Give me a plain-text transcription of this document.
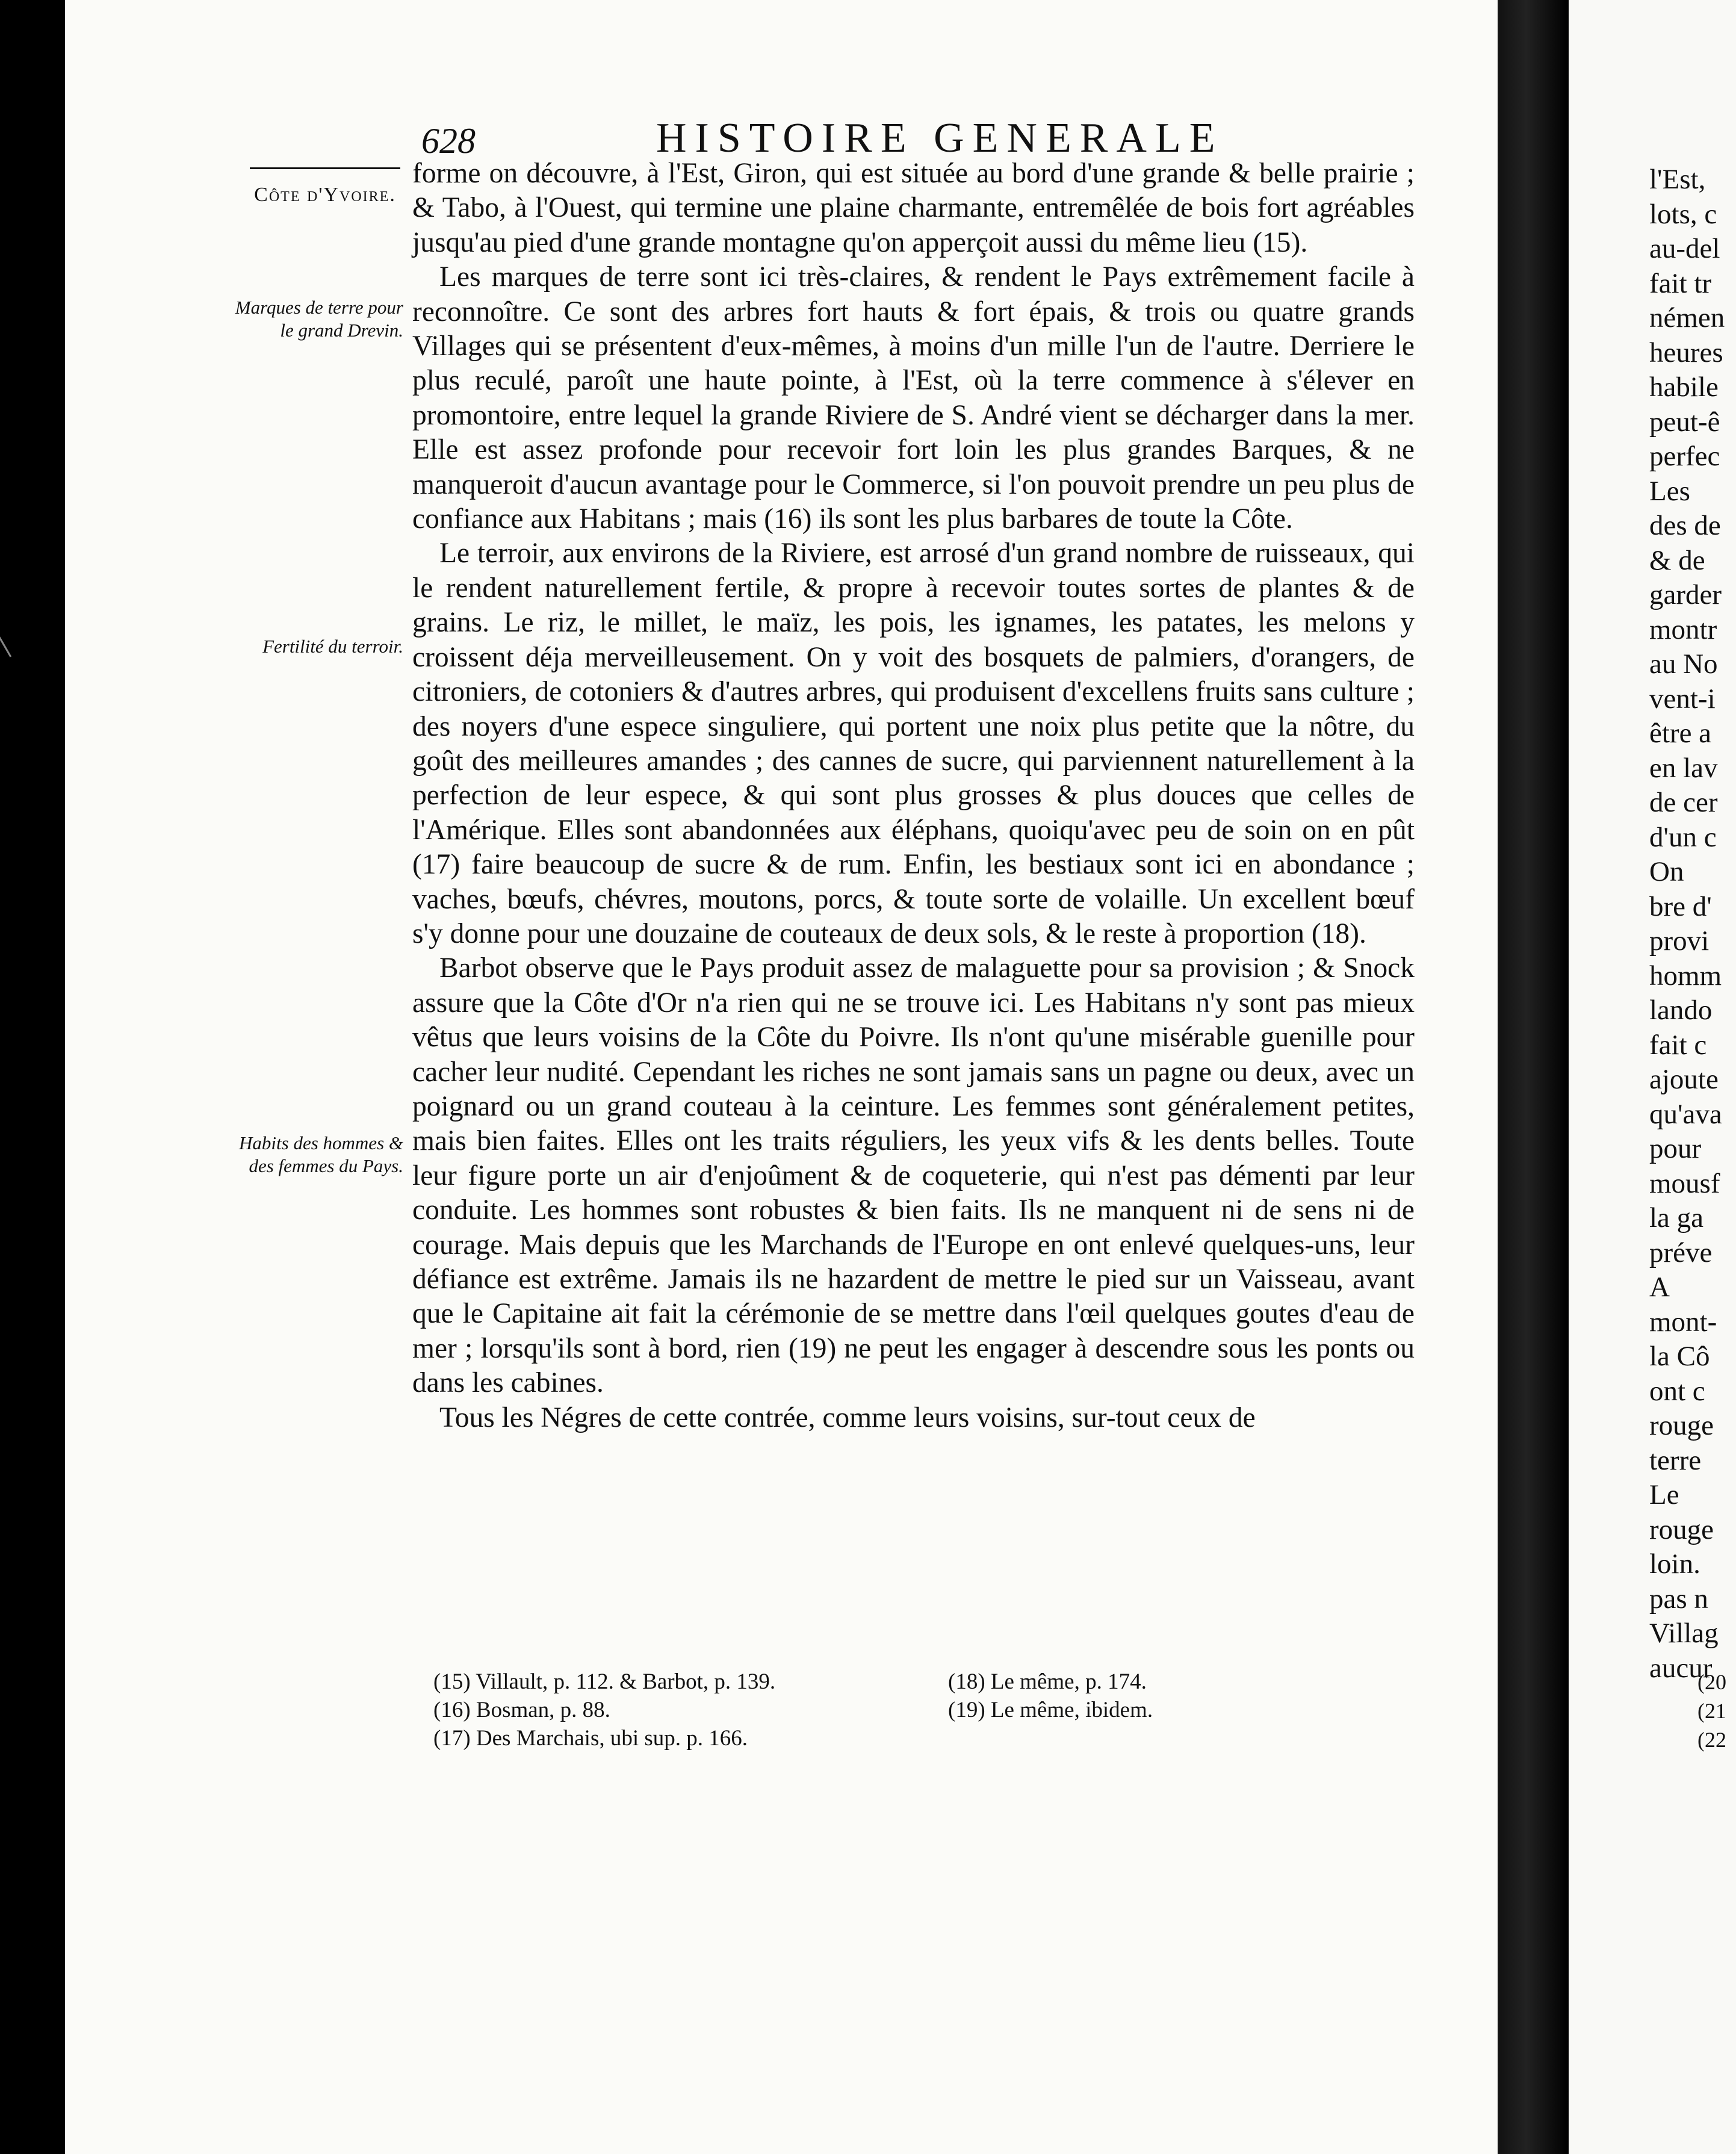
l'Est,
lots, c
au-del
fait tr
némen
heures
habile
peut-ê
perfec
Les
des de
& de
garder
montr
au No
vent-i
être a
en lav
de cer
d'un c
On
bre d'
provi
homm
lando
fait c
ajoute
qu'ava
pour
mousf
la ga
préve
A
mont-
la Cô
ont c
rouge
terre
Le
rouge
loin.
pas n
Villag
aucur
628	HISTOIRE GENERALE
Côte d'Yvoire.
Marques de terre pour le grand Drevin.
Fertilité du terroir.
Habits des hommes & des femmes du Pays.

forme on découvre, à l'Est, Giron, qui est située au bord d'une grande & belle prairie ; & Tabo, à l'Ouest, qui termine une plaine charmante, entremêlée de bois fort agréables jusqu'au pied d'une grande montagne qu'on apperçoit aussi du même lieu (15).

Les marques de terre sont ici très-claires, & rendent le Pays extrêmement facile à reconnoître. Ce sont des arbres fort hauts & fort épais, & trois ou quatre grands Villages qui se présentent d'eux-mêmes, à moins d'un mille l'un de l'autre. Derriere le plus reculé, paroît une haute pointe, à l'Est, où la terre commence à s'élever en promontoire, entre lequel la grande Riviere de S. André vient se décharger dans la mer. Elle est assez profonde pour recevoir fort loin les plus grandes Barques, & ne manqueroit d'aucun avantage pour le Commerce, si l'on pouvoit prendre un peu plus de confiance aux Habitans ; mais (16) ils sont les plus barbares de toute la Côte.

Le terroir, aux environs de la Riviere, est arrosé d'un grand nombre de ruisseaux, qui le rendent naturellement fertile, & propre à recevoir toutes sortes de plantes & de grains. Le riz, le millet, le maïz, les pois, les ignames, les patates, les melons y croissent déja merveilleusement. On y voit des bosquets de palmiers, d'orangers, de citroniers, de cotoniers & d'autres arbres, qui produisent d'excellens fruits sans culture ; des noyers d'une espece singuliere, qui portent une noix plus petite que la nôtre, du goût des meilleures amandes ; des cannes de sucre, qui parviennent naturellement à la perfection de leur espece, & qui sont plus grosses & plus douces que celles de l'Amérique. Elles sont abandonnées aux éléphans, quoiqu'avec peu de soin on en pût (17) faire beaucoup de sucre & de rum. Enfin, les bestiaux sont ici en abondance ; vaches, bœufs, chévres, moutons, porcs, & toute sorte de volaille. Un excellent bœuf s'y donne pour une douzaine de couteaux de deux sols, & le reste à proportion (18).

Barbot observe que le Pays produit assez de malaguette pour sa provision ; & Snock assure que la Côte d'Or n'a rien qui ne se trouve ici. Les Habitans n'y sont pas mieux vêtus que leurs voisins de la Côte du Poivre. Ils n'ont qu'une misérable guenille pour cacher leur nudité. Cependant les riches ne sont jamais sans un pagne ou deux, avec un poignard ou un grand couteau à la ceinture. Les femmes sont généralement petites, mais bien faites. Elles ont les traits réguliers, les yeux vifs & les dents belles. Toute leur figure porte un air d'enjoûment & de coqueterie, qui n'est pas démenti par leur conduite. Les hommes sont robustes & bien faits. Ils ne manquent ni de sens ni de courage. Mais depuis que les Marchands de l'Europe en ont enlevé quelques-uns, leur défiance est extrême. Jamais ils ne hazardent de mettre le pied sur un Vaisseau, avant que le Capitaine ait fait la cérémonie de se mettre dans l'œil quelques goutes d'eau de mer ; lorsqu'ils sont à bord, rien (19) ne peut les engager à descendre sous les ponts ou dans les cabines.

Tous les Négres de cette contrée, comme leurs voisins, sur-tout ceux de

(15) Villault, p. 112. & Barbot, p. 139.
(16) Bosman, p. 88.
(17) Des Marchais, ubi sup. p. 166.
(18) Le même, p. 174.
(19) Le même, ibidem.
(20
(21
(22
